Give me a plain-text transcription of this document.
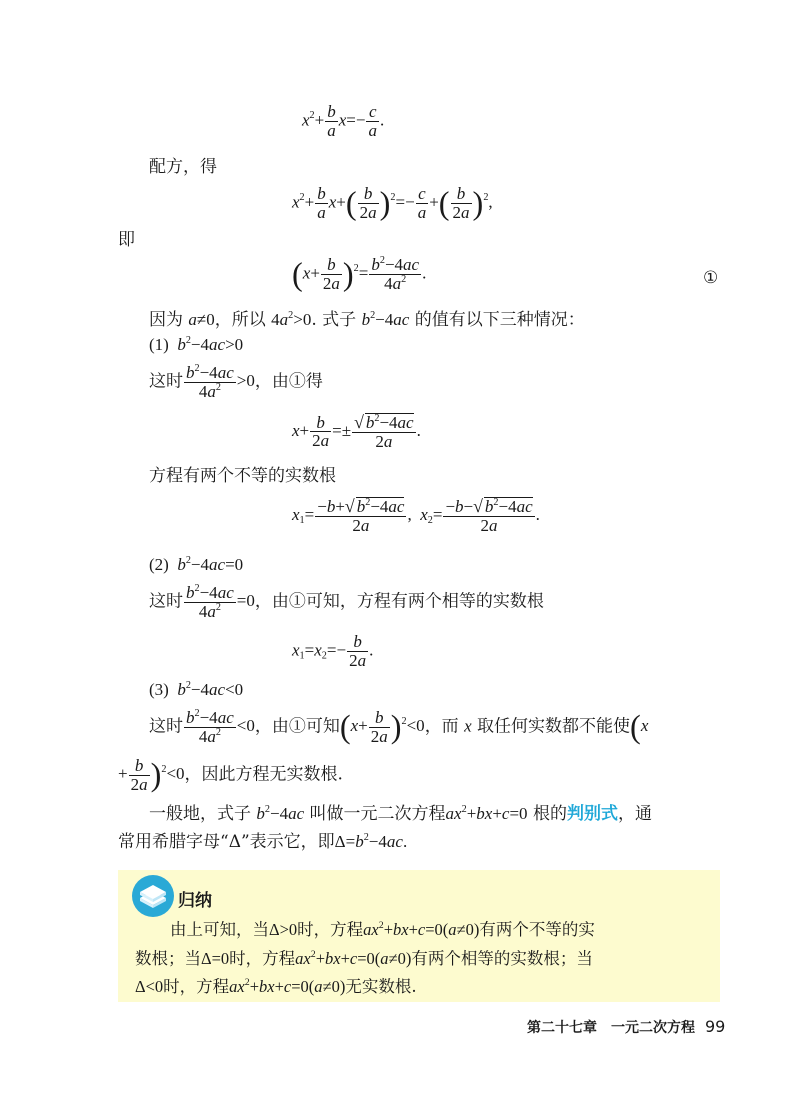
$x^2+ \frac{b}{a} x=- \frac{c}{a}$ .
配方，得
$x^2+ \frac{b}{a} x+( \frac{b}{2a} )^2=- \frac{c}{a}$ +( $\frac{b}{2a} )^2$,
即
$(x+ \frac{b}{2a} )^2= \frac{b^2-4ac}{4a^2}$ .	①
因为 a≠0，所以 $4a^2>0$. 式子 $b^2-4ac$ 的值有以下三种情况：
(1) $b^2-4ac>0$
这时 $\frac{b^2-4ac}{4a^2} >0$，由①得
$x+ \frac{b}{2a} =\pm \frac{√ b^2-4ac}{2a}$ .
方程有两个不等的实数根
$x_1= \frac{-b+√ b^2-4ac}{2a}$ ,  $x_2= \frac{-b-√ b^2-4ac}{2a}$ .
(2) $b^2-4ac=0$
这时 $\frac{b^2-4ac}{4a^2} =0$，由①可知，方程有两个相等的实数根
$x_1=x_2=- \frac{b}{2a}$ .
(3) $b^2-4ac<0$
这时 $\frac{b^2-4ac}{4a^2} <0$，由①可知$(x+ \frac{b}{2a} )^2<0$，而 x 取任何实数都不能使(x
+ $\frac{b}{2a} )^2<0$，因此方程无实数根.
一般地，式子 $b^2-4ac$ 叫做一元二次方程$ax^2+bx+c=0$ 根的判别式，通
常用希腊字母“Δ”表示它，即$\Delta=b^2-4ac$.
归纳
由上可知，当Δ>0时，方程$ax^2+bx+c=0(a\ne 0)$有两个不等的实
数根；当Δ=0时，方程$ax^2+bx+c=0(a\ne 0)$有两个相等的实数根；当
Δ<0时，方程$ax^2+bx+c=0(a\ne 0)$无实数根.
第二十七章　一元二次方程 99
